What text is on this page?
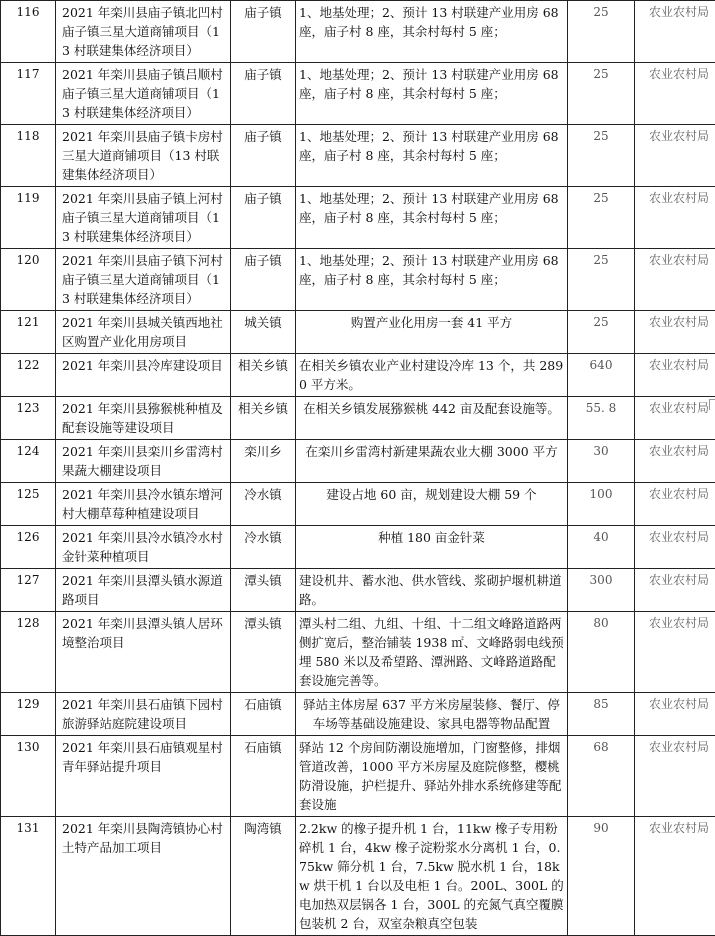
116	2021 年栾川县庙子镇北凹村庙子镇三星大道商铺项目（13 村联建集体经济项目）	庙子镇	1、地基处理；2、预计 13 村联建产业用房 68 座，庙子村 8 座，其余村每村 5 座；	25	农业农村局
117	2021 年栾川县庙子镇吕顺村庙子镇三星大道商铺项目（13 村联建集体经济项目）	庙子镇	1、地基处理；2、预计 13 村联建产业用房 68 座，庙子村 8 座，其余村每村 5 座；	25	农业农村局
118	2021 年栾川县庙子镇卡房村三星大道商铺项目（13 村联建集体经济项目）	庙子镇	1、地基处理；2、预计 13 村联建产业用房 68 座，庙子村 8 座，其余村每村 5 座；	25	农业农村局
119	2021 年栾川县庙子镇上河村庙子镇三星大道商铺项目（13 村联建集体经济项目）	庙子镇	1、地基处理；2、预计 13 村联建产业用房 68 座，庙子村 8 座，其余村每村 5 座；	25	农业农村局
120	2021 年栾川县庙子镇下河村庙子镇三星大道商铺项目（13 村联建集体经济项目）	庙子镇	1、地基处理；2、预计 13 村联建产业用房 68 座，庙子村 8 座，其余村每村 5 座；	25	农业农村局
121	2021 年栾川县城关镇西地社区购置产业化用房项目	城关镇	购置产业化用房一套 41 平方	25	农业农村局
122	2021 年栾川县冷库建设项目	相关乡镇	在相关乡镇农业产业村建设冷库 13 个，共 2890 平方米。	640	农业农村局
123	2021 年栾川县猕猴桃种植及配套设施等建设项目	相关乡镇	在相关乡镇发展猕猴桃 442 亩及配套设施等。	55. 8	农业农村局
124	2021 年栾川县栾川乡雷湾村果蔬大棚建设项目	栾川乡	在栾川乡雷湾村新建果蔬农业大棚 3000 平方	30	农业农村局
125	2021 年栾川县冷水镇东增河村大棚草莓种植建设项目	冷水镇	建设占地 60 亩，规划建设大棚 59 个	100	农业农村局
126	2021 年栾川县冷水镇冷水村金针菜种植项目	冷水镇	种植 180 亩金针菜	40	农业农村局
127	2021 年栾川县潭头镇水源道路项目	潭头镇	建设机井、蓄水池、供水管线、浆砌护堰机耕道路。	300	农业农村局
128	2021 年栾川县潭头镇人居环境整治项目	潭头镇	潭头村二组、九组、十组、十二组文峰路道路两侧扩宽后，整治铺装 1938 ㎡、文峰路弱电线预埋 580 米以及希望路、潭洲路、文峰路道路配套设施完善等。	80	农业农村局
129	2021 年栾川县石庙镇下园村旅游驿站庭院建设项目	石庙镇	驿站主体房屋 637 平方米房屋装修、餐厅、停车场等基础设施建设、家具电器等物品配置	85	农业农村局
130	2021 年栾川县石庙镇观星村青年驿站提升项目	石庙镇	驿站 12 个房间防潮设施增加，门窗整修，排烟管道改善，1000 平方米房屋及庭院修整，樱桃防滑设施，护栏提升、驿站外排水系统修建等配套设施	68	农业农村局
131	2021 年栾川县陶湾镇协心村土特产品加工项目	陶湾镇	2.2kw 的橡子提升机 1 台，11kw 橡子专用粉碎机 1 台，4kw 橡子淀粉浆水分离机 1 台，0.75kw 筛分机 1 台，7.5kw 脱水机 1 台，18kw 烘干机 1 台以及电柜 1 台。200L、300L 的电加热双层锅各 1 台，300L 的充氮气真空覆膜包装机 2 台，双室杂粮真空包装	90	农业农村局
